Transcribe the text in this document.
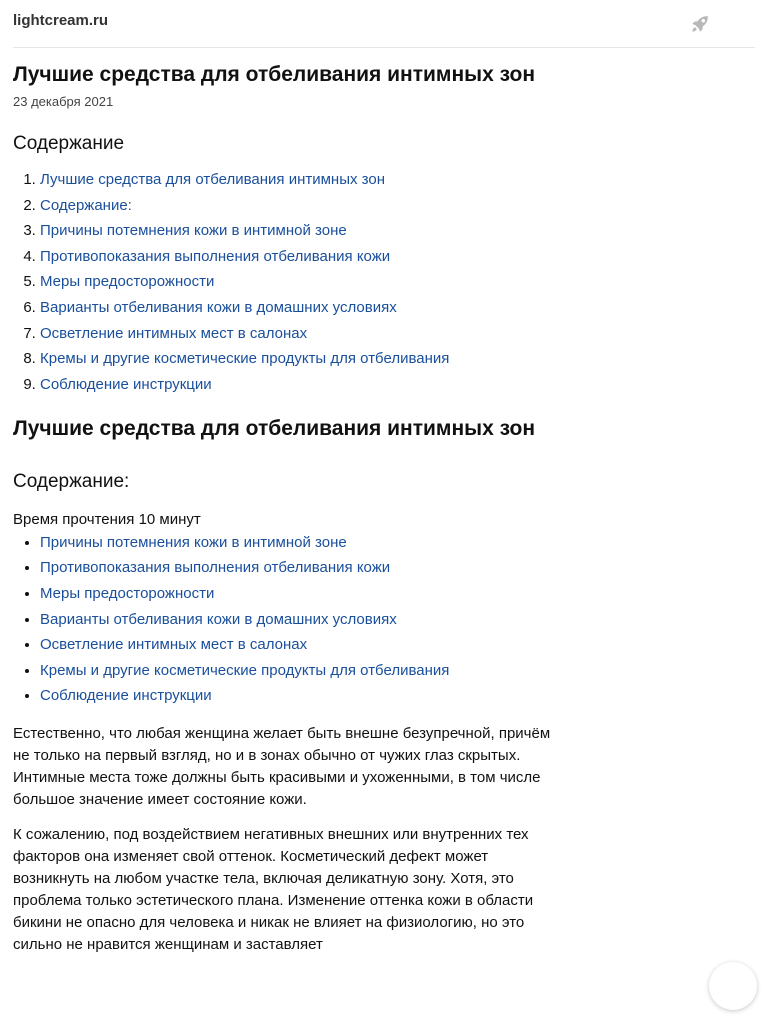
lightcream.ru
Лучшие средства для отбеливания интимных зон
23 декабря 2021
Содержание
1. Лучшие средства для отбеливания интимных зон
2. Содержание:
3. Причины потемнения кожи в интимной зоне
4. Противопоказания выполнения отбеливания кожи
5. Меры предосторожности
6. Варианты отбеливания кожи в домашних условиях
7. Осветление интимных мест в салонах
8. Кремы и другие косметические продукты для отбеливания
9. Соблюдение инструкции
Лучшие средства для отбеливания интимных зон
Содержание:
Время прочтения 10 минут
• Причины потемнения кожи в интимной зоне
• Противопоказания выполнения отбеливания кожи
• Меры предосторожности
• Варианты отбеливания кожи в домашних условиях
• Осветление интимных мест в салонах
• Кремы и другие косметические продукты для отбеливания
• Соблюдение инструкции

Естественно, что любая женщина желает быть внешне безупречной, причём не только на первый взгляд, но и в зонах обычно от чужих глаз скрытых. Интимные места тоже должны быть красивыми и ухоженными, в том числе большое значение имеет состояние кожи.

К сожалению, под воздействием негативных внешних или внутренних тех факторов она изменяет свой оттенок. Косметический дефект может возникнуть на любом участке тела, включая деликатную зону. Хотя, это проблема только эстетического плана. Изменение оттенка кожи в области бикини не опасно для человека и никак не влияет на физиологию, но это сильно не нравится женщинам и заставляет
